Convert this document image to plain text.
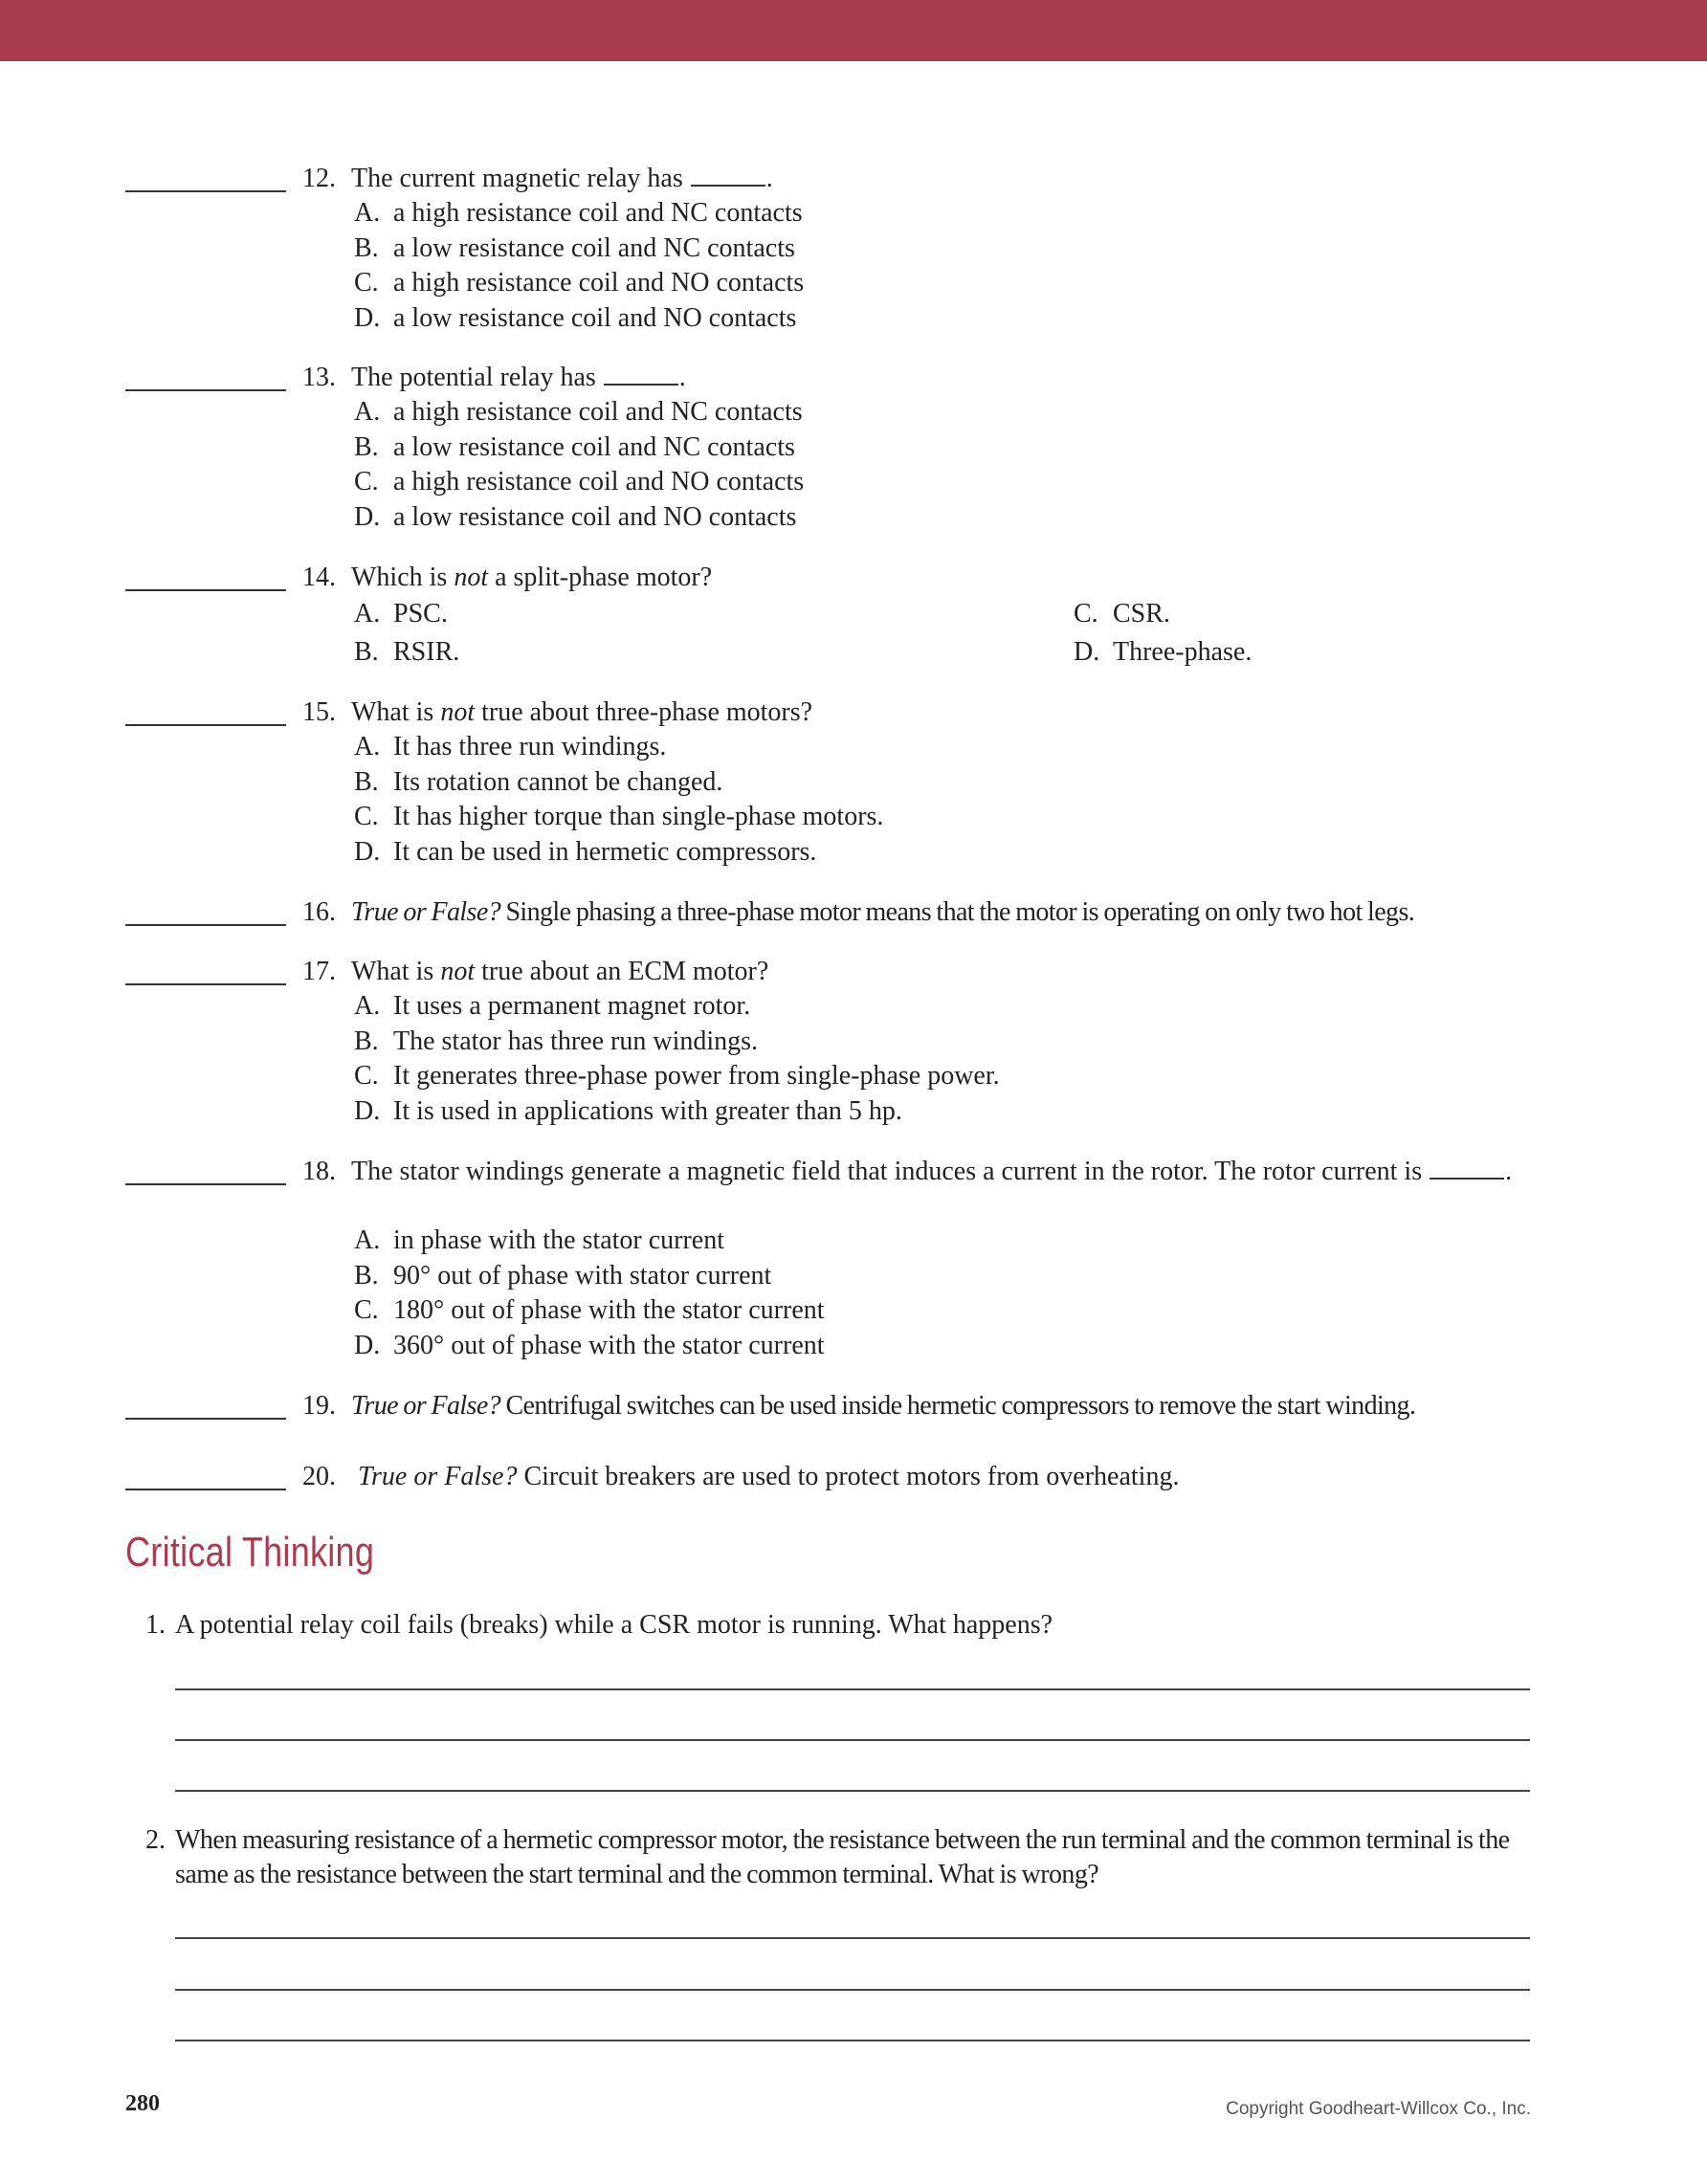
12. The current magnetic relay has	.
A. a high resistance coil and NC contacts
B. a low resistance coil and NC contacts
C. a high resistance coil and NO contacts
D. a low resistance coil and NO contacts
13. The potential relay has	.
A. a high resistance coil and NC contacts
B. a low resistance coil and NC contacts
C. a high resistance coil and NO contacts
D. a low resistance coil and NO contacts
14. Which is not a split-phase motor?
A. PSC.
B. RSIR.
C. CSR.
D. Three-phase.
15. What is not true about three-phase motors?
A. It has three run windings.
B. Its rotation cannot be changed.
C. It has higher torque than single-phase motors.
D. It can be used in hermetic compressors.
16. True or False? Single phasing a three-phase motor means that the motor is operating on only two hot legs.
17. What is not true about an ECM motor?
A. It uses a permanent magnet rotor.
B. The stator has three run windings.
C. It generates three-phase power from single-phase power.
D. It is used in applications with greater than 5 hp.
18. The stator windings generate a magnetic field that induces a current in the rotor. The rotor current is	.
A. in phase with the stator current
B. 90° out of phase with stator current
C. 180° out of phase with the stator current
D. 360° out of phase with the stator current
19. True or False? Centrifugal switches can be used inside hermetic compressors to remove the start winding.
20. True or False? Circuit breakers are used to protect motors from overheating.
Critical Thinking
1. A potential relay coil fails (breaks) while a CSR motor is running. What happens?
2. When measuring resistance of a hermetic compressor motor, the resistance between the run terminal and the common terminal is the same as the resistance between the start terminal and the common terminal. What is wrong?
280	Copyright Goodheart-Willcox Co., Inc.
